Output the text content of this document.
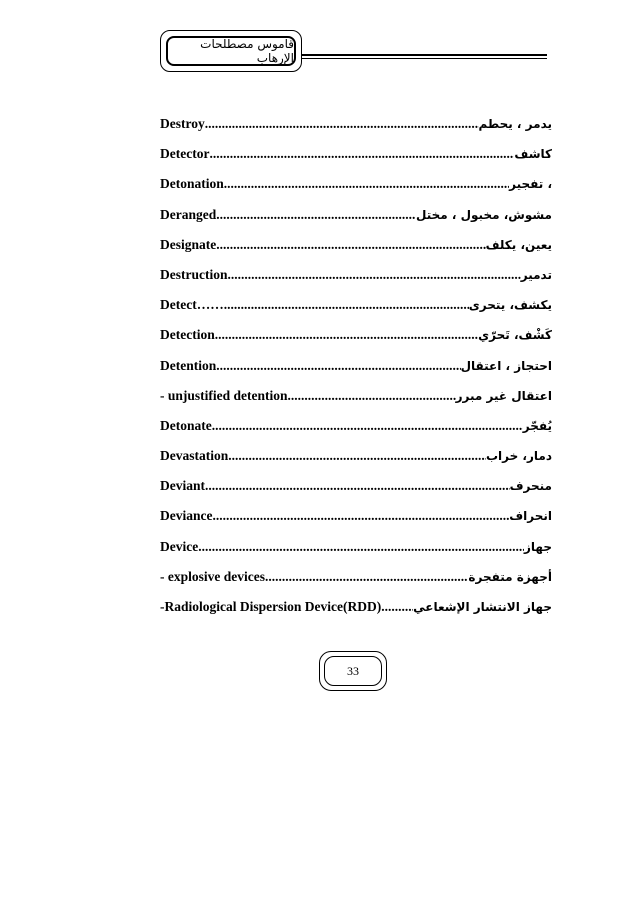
قاموس مصطلحات الإرهاب
Destroy .....	يدمر ، يحطم
Detector .....	كاشف
Detonation .....	، تفجير
Deranged .....	مشوش، مخبول ، مختل
Designate .....	يعين، يكلف
Destruction .....	تدمير
Detect…… .....	يكشف، يتحرى
Detection .....	كَشْف، تَحرّي
Detention .....	احتجاز ، اعتقال
- unjustified detention .....	اعتقال غير مبرر
Detonate .....	يُفجّر
Devastation .....	دمار، خراب
Deviant .....	منحرف
Deviance .....	انحراف
Device .....	جهاز
- explosive devices .....	أجهزة متفجرة
-Radiological Dispersion Device(RDD) .....	جهاز الانتشار الإشعاعي
33
